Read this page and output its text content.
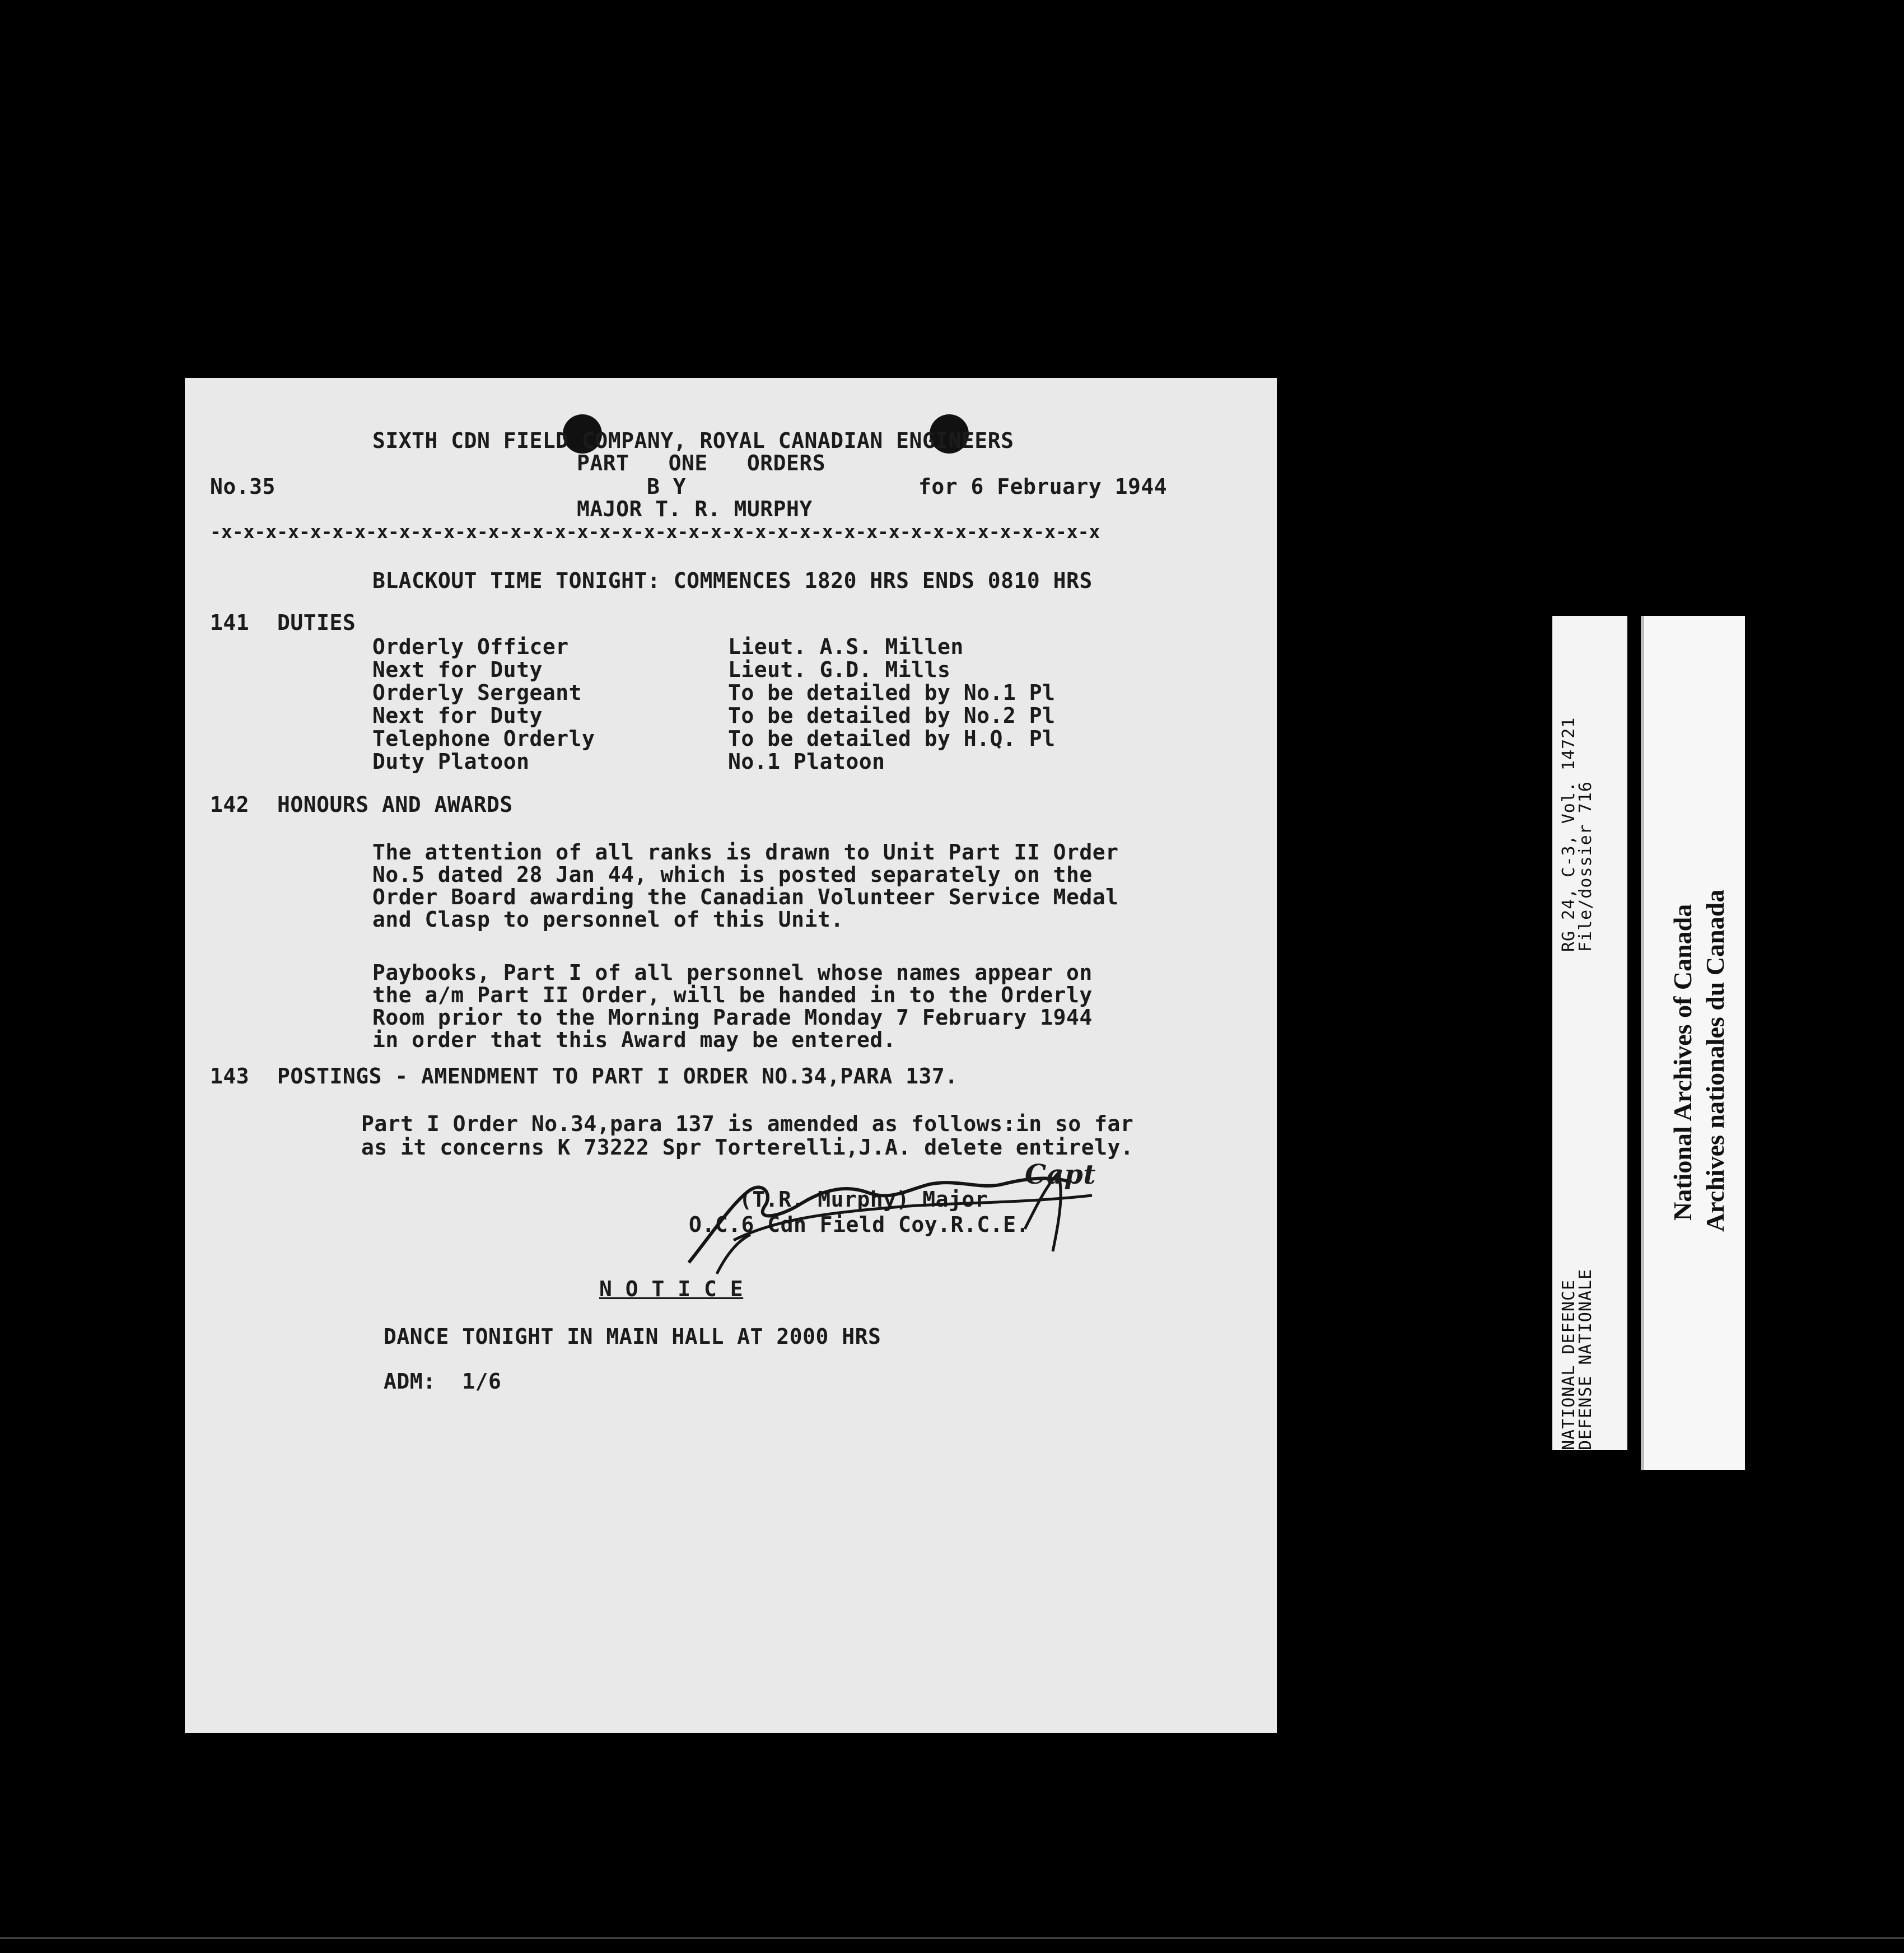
SIXTH CDN FIELD COMPANY, ROYAL CANADIAN ENGINEERS
PART   ONE   ORDERS
No.35	B Y	for 6 February 1944
MAJOR T. R. MURPHY
-x-x-x-x-x-x-x-x-x-x-x-x-x-x-x-x-x-x-x-x-x-x-x-x-x-x-x-x-x-x-x-x-x-x-x-x-x-x-x-x
BLACKOUT TIME TONIGHT: COMMENCES 1820 HRS ENDS 0810 HRS
141 DUTIES
Orderly Officer	Lieut. A.S. Millen
Next for Duty	Lieut. G.D. Mills
Orderly Sergeant	To be detailed by No.1 Pl
Next for Duty	To be detailed by No.2 Pl
Telephone Orderly	To be detailed by H.Q. Pl
Duty Platoon	No.1 Platoon
142 HONOURS AND AWARDS
The attention of all ranks is drawn to Unit Part II Order
No.5 dated 28 Jan 44, which is posted separately on the
Order Board awarding the Canadian Volunteer Service Medal
and Clasp to personnel of this Unit.
Paybooks, Part I of all personnel whose names appear on
the a/m Part II Order, will be handed in to the Orderly
Room prior to the Morning Parade Monday 7 February 1944
in order that this Award may be entered.
143 POSTINGS - AMENDMENT TO PART I ORDER NO.34,PARA 137.
Part I Order No.34,para 137 is amended as follows:in so far
as it concerns K 73222 Spr Torterelli,J.A. delete entirely.
(T.R. Murphy) Major
O.C.6 Cdn Field Coy.R.C.E.
Capt
N O T I C E
DANCE TONIGHT IN MAIN HALL AT 2000 HRS
ADM:  1/6	NATIONAL DEFENCE
DEFENSE NATIONALE
RG 24, C-3, Vol. 14721
File/dossier 716
National Archives of Canada Archives nationales du Canada
